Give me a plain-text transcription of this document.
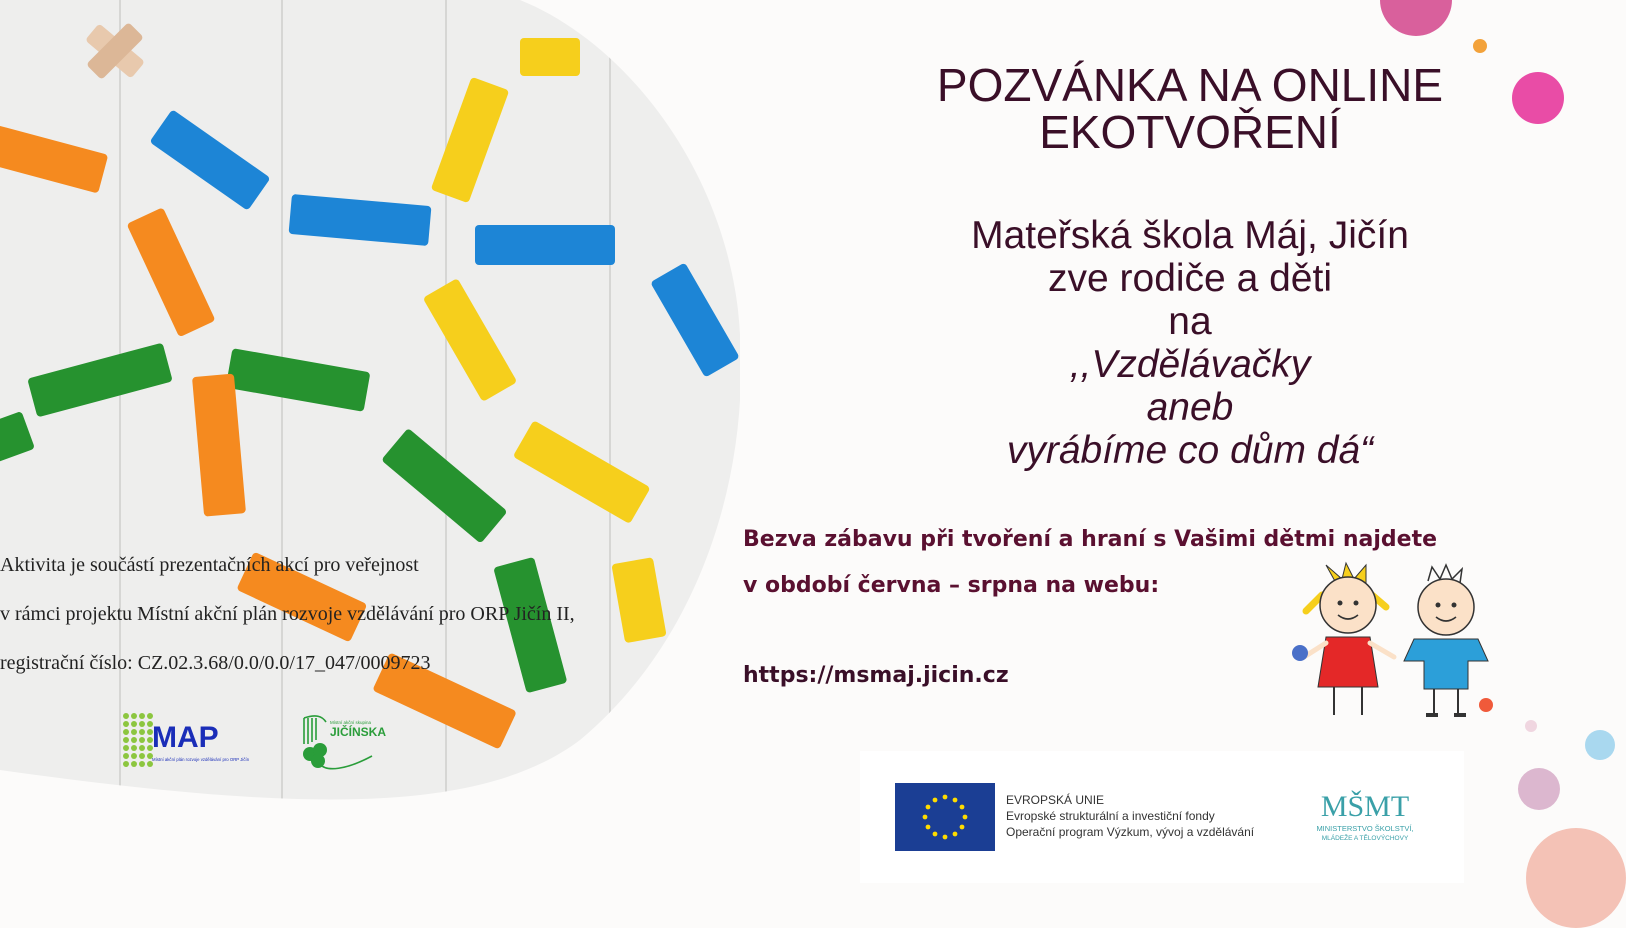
POZVÁNKA NA ONLINE
EKOTVOŘENÍ
Mateřská škola Máj, Jičín
zve rodiče a děti
na
,,Vzdělávačky
aneb
vyrábíme co dům dá“
Bezva zábavu při tvoření a hraní s Vašimi dětmi najdete
v období června – srpna na webu:
https://msmaj.jicin.cz
Aktivita je součástí prezentačních akcí pro veřejnost
v rámci projektu Místní akční plán rozvoje vzdělávání pro ORP Jičín II,
registrační číslo: CZ.02.3.68/0.0/0.0/17_047/0009723
MAP
Místní akční plán rozvoje vzdělávání pro ORP Jičín
Místní akční skupina
JIČÍNSKA
EVROPSKÁ UNIE
Evropské strukturální a investiční fondy
Operační program Výzkum, vývoj a vzdělávání
MŠMT
MINISTERSTVO ŠKOLSTVÍ,
MLÁDEŽE A TĚLOVÝCHOVY
